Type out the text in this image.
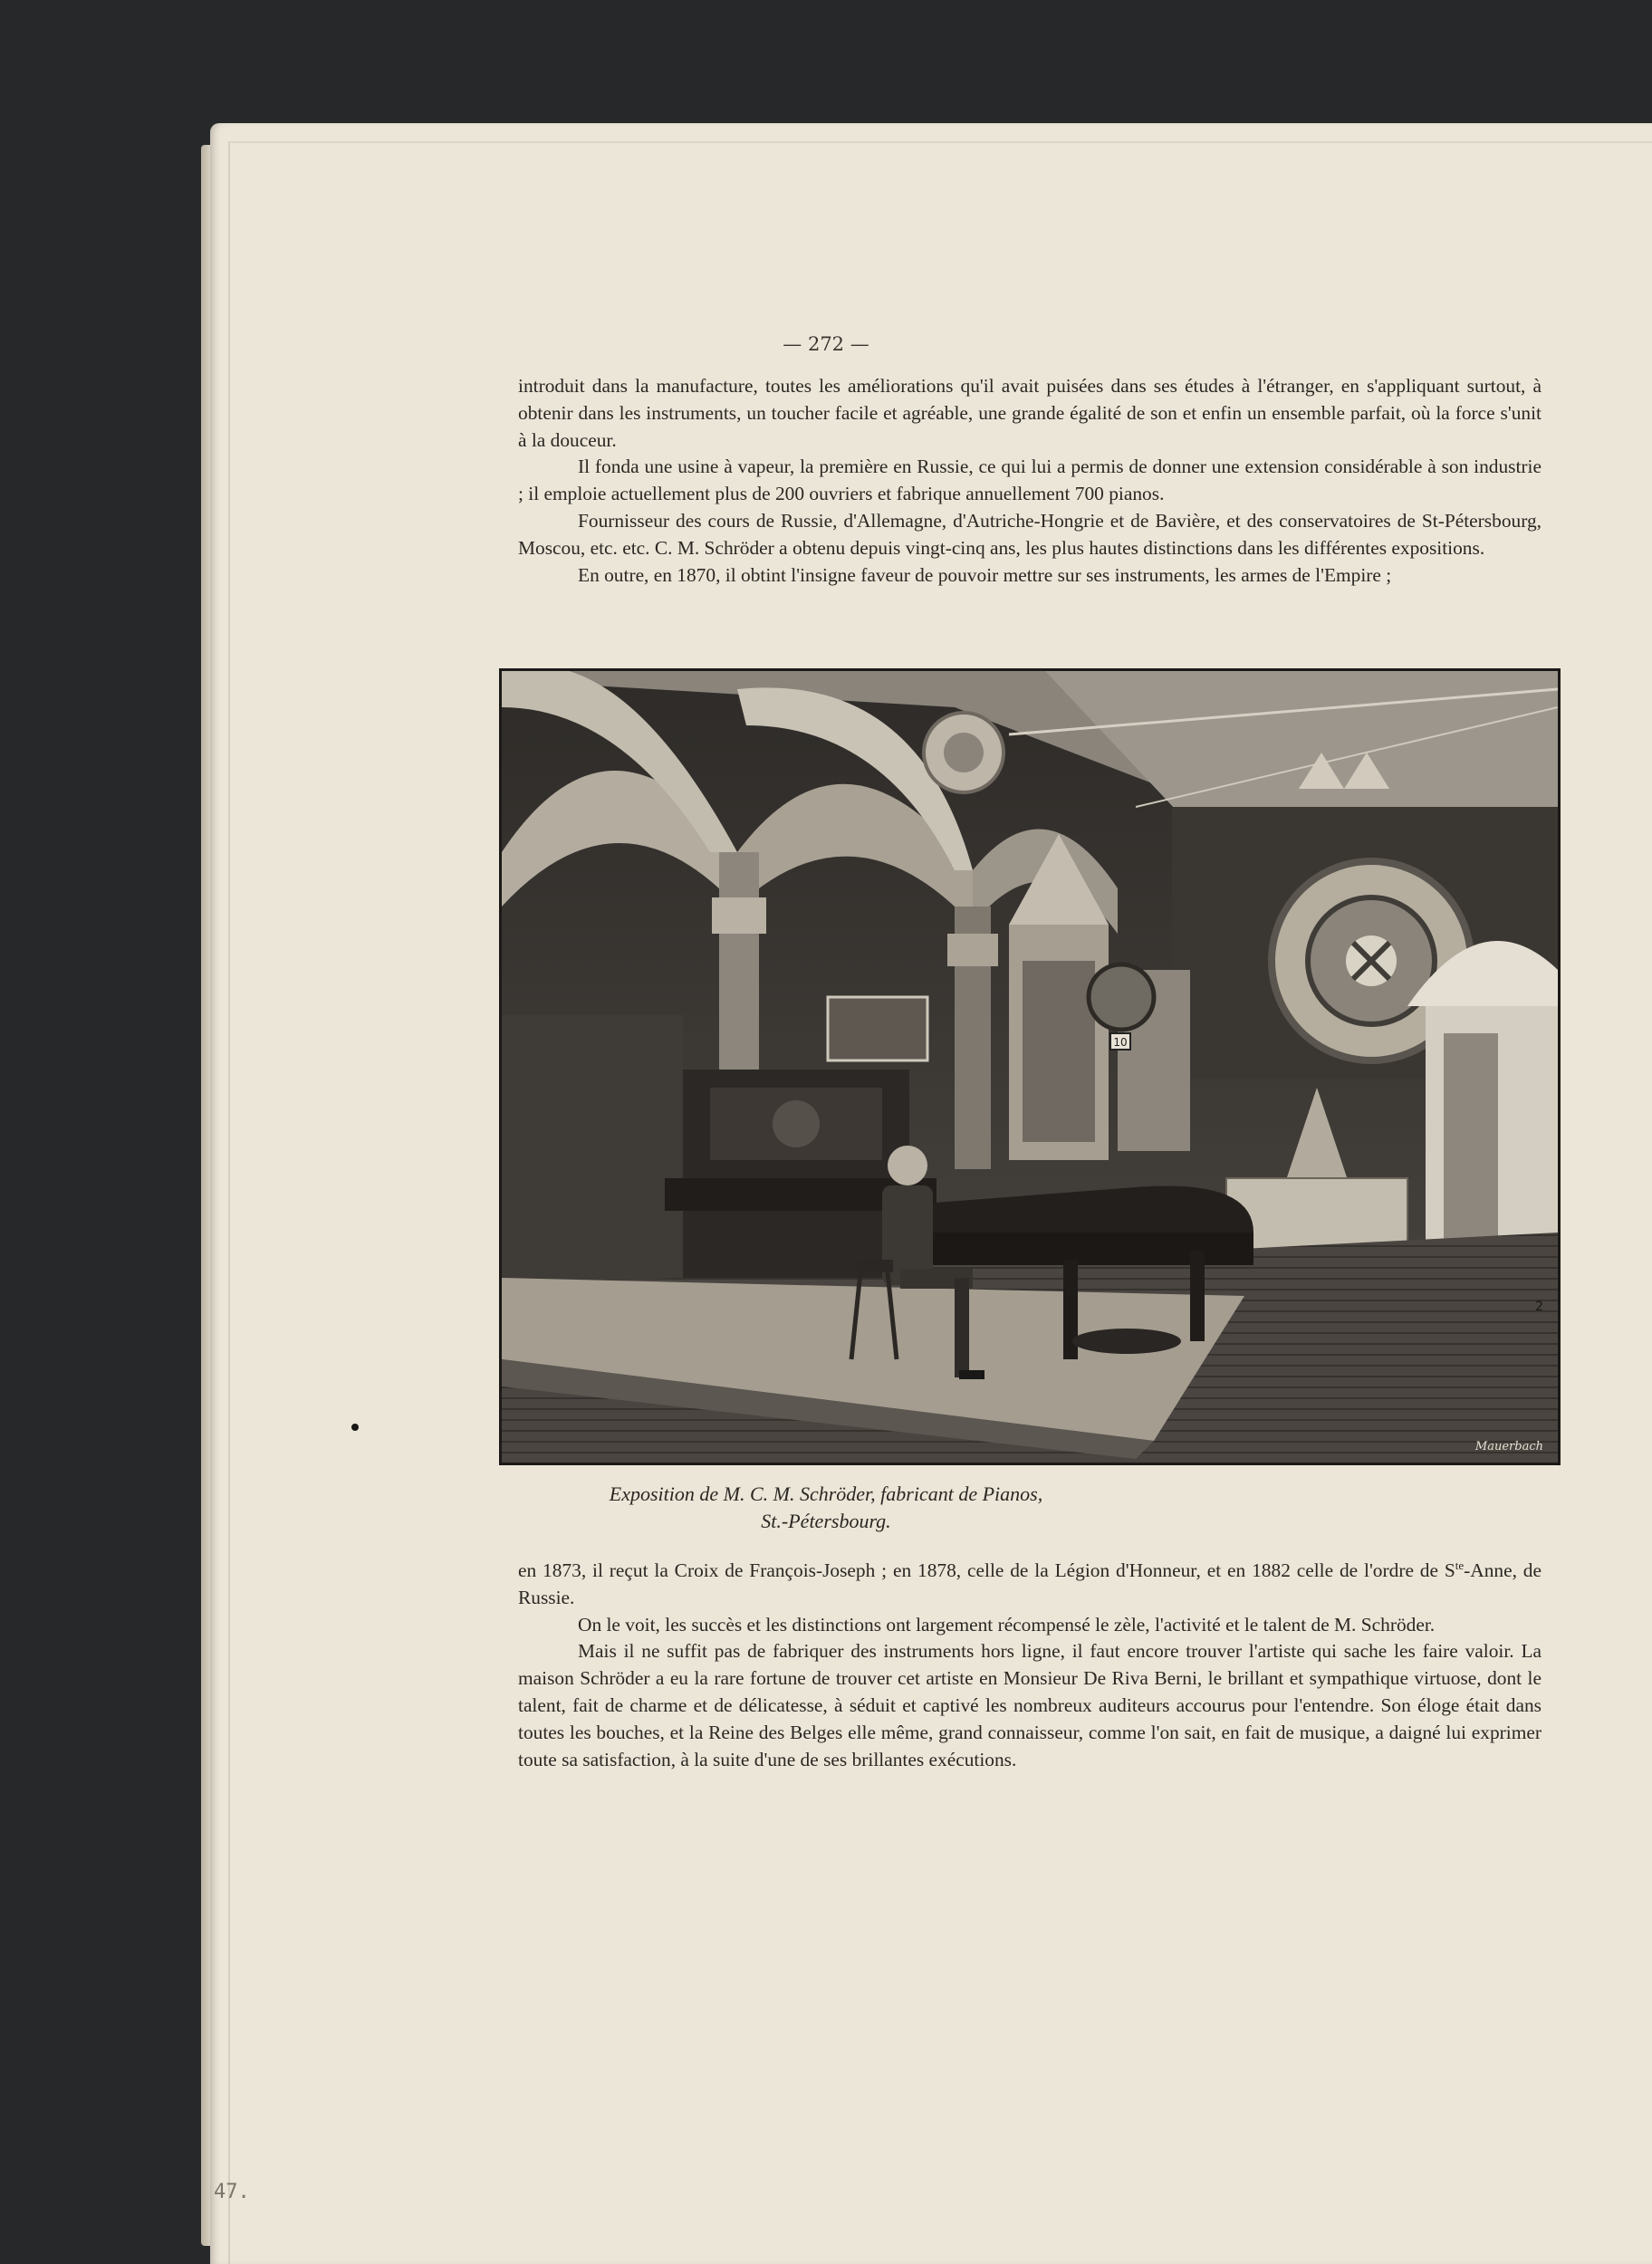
— 272 —

introduit dans la manufacture, toutes les améliorations qu'il avait puisées dans ses études à l'étranger, en s'appliquant surtout, à obtenir dans les instruments, un toucher facile et agréable, une grande égalité de son et enfin un ensemble parfait, où la force s'unit à la douceur.

Il fonda une usine à vapeur, la première en Russie, ce qui lui a permis de donner une extension considérable à son industrie ; il emploie actuellement plus de 200 ouvriers et fabrique annuellement 700 pianos.

Fournisseur des cours de Russie, d'Allemagne, d'Autriche-Hongrie et de Bavière, et des conservatoires de St-Pétersbourg, Moscou, etc. etc. C. M. Schröder a obtenu depuis vingt-cinq ans, les plus hautes distinctions dans les différentes expositions.

En outre, en 1870, il obtint l'insigne faveur de pouvoir mettre sur ses instruments, les armes de l'Empire ;

10
2
Mauerbach
Exposition de M. C. M. Schröder, fabricant de Pianos,
St.-Pétersbourg.

en 1873, il reçut la Croix de François-Joseph ; en 1878, celle de la Légion d'Honneur, et en 1882 celle de l'ordre de $S^{te}$-Anne, de Russie.

On le voit, les succès et les distinctions ont largement récompensé le zèle, l'activité et le talent de M. Schröder.

Mais il ne suffit pas de fabriquer des instruments hors ligne, il faut encore trouver l'artiste qui sache les faire valoir. La maison Schröder a eu la rare fortune de trouver cet artiste en Monsieur De Riva Berni, le brillant et sympathique virtuose, dont le talent, fait de charme et de délicatesse, à séduit et captivé les nombreux auditeurs accourus pour l'entendre. Son éloge était dans toutes les bouches, et la Reine des Belges elle même, grand connaisseur, comme l'on sait, en fait de musique, a daigné lui exprimer toute sa satisfaction, à la suite d'une de ses brillantes exécutions.

47.
